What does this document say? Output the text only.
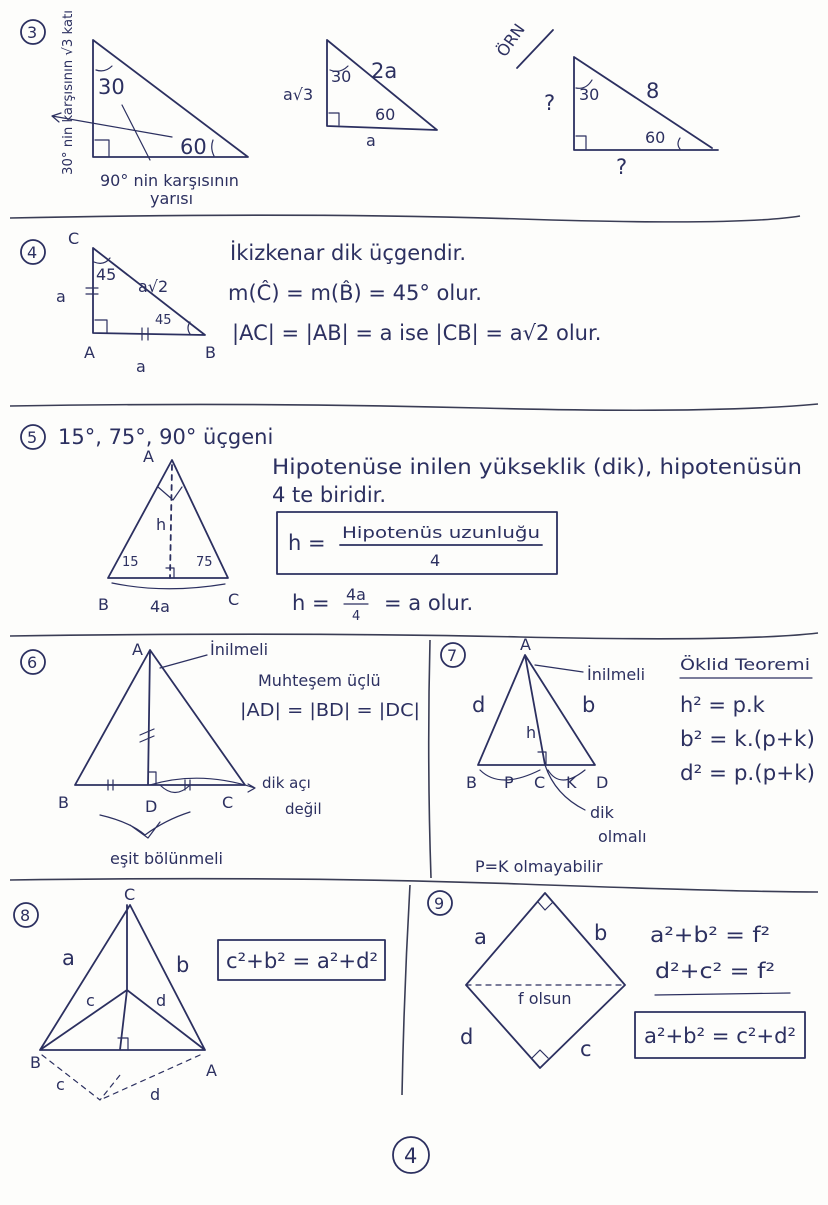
3
30
60
30° nin karşısının √3 katı
90° nin karşısının
yarısı
30 2a
a√3
60
a
ÖRN
30 8
?
60
?
4
C
A	B
a
a
45
a√2
45
İkizkenar dik üçgendir.
m(Ĉ) = m(B̂) = 45° olur.
|AC| = |AB| = a ise |CB| = a√2 olur.
5 15°, 75°, 90° üçgeni
A
h
15	75
B	C
4a
Hipotenüse inilen yükseklik (dik), hipotenüsün
4 te biridir.
h = Hipotenüs uzunluğu
4
h = 4a
4
= a olur.
6
A
B	D	C
İnilmeli
Muhteşem üçlü
|AD| = |BD| = |DC|
dik açı
değil
eşit bölünmeli
7
A
İnilmeli
d	b
h
B P C K D
dik
olmalı
P=K olmayabilir
Öklid Teoremi
h² = p.k
b² = k.(p+k)
d² = p.(p+k)
8
C
B	A
a	b
c	d
c
d
c²+b² = a²+d²
9
a	b
d	c
f olsun
a²+b² = f²
d²+c² = f²
a²+b² = c²+d²
4
